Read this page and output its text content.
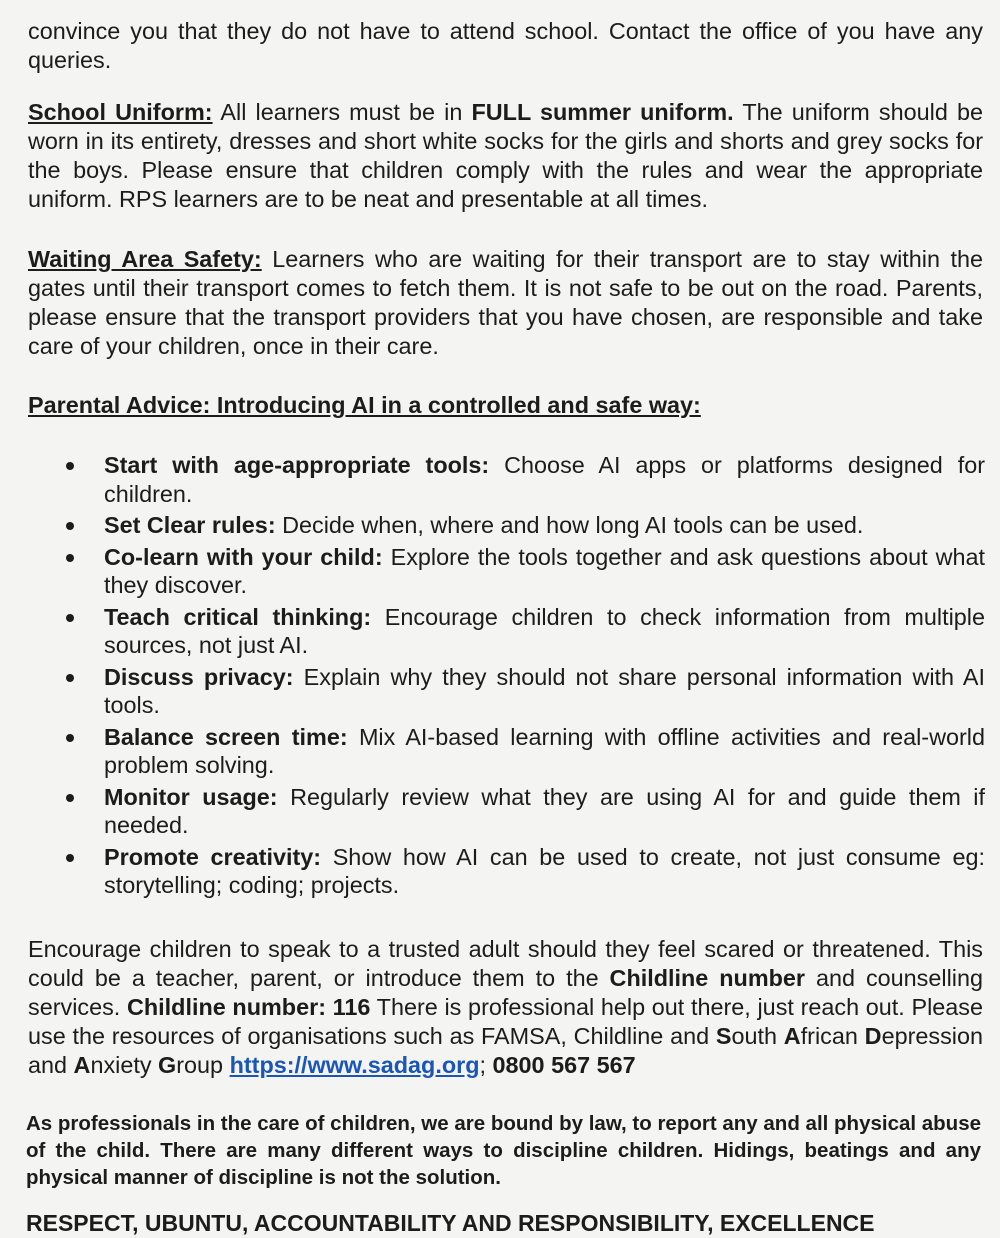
convince you that they do not have to attend school. Contact the office of you have any queries.

School Uniform: All learners must be in FULL summer uniform. The uniform should be worn in its entirety, dresses and short white socks for the girls and shorts and grey socks for the boys. Please ensure that children comply with the rules and wear the appropriate uniform. RPS learners are to be neat and presentable at all times.

Waiting Area Safety: Learners who are waiting for their transport are to stay within the gates until their transport comes to fetch them. It is not safe to be out on the road. Parents, please ensure that the transport providers that you have chosen, are responsible and take care of your children, once in their care.

Parental Advice: Introducing AI in a controlled and safe way:

Start with age-appropriate tools: Choose AI apps or platforms designed for children.
Set Clear rules: Decide when, where and how long AI tools can be used.
Co-learn with your child: Explore the tools together and ask questions about what they discover.
Teach critical thinking: Encourage children to check information from multiple sources, not just AI.
Discuss privacy: Explain why they should not share personal information with AI tools.
Balance screen time: Mix AI-based learning with offline activities and real-world problem solving.
Monitor usage: Regularly review what they are using AI for and guide them if needed.
Promote creativity: Show how AI can be used to create, not just consume eg: storytelling; coding; projects.

Encourage children to speak to a trusted adult should they feel scared or threatened. This could be a teacher, parent, or introduce them to the Childline number and counselling services. Childline number: 116 There is professional help out there, just reach out. Please use the resources of organisations such as FAMSA, Childline and South African Depression and Anxiety Group https://www.sadag.org; 0800 567 567

As professionals in the care of children, we are bound by law, to report any and all physical abuse of the child. There are many different ways to discipline children. Hidings, beatings and any physical manner of discipline is not the solution.

RESPECT, UBUNTU, ACCOUNTABILITY AND RESPONSIBILITY, EXCELLENCE
